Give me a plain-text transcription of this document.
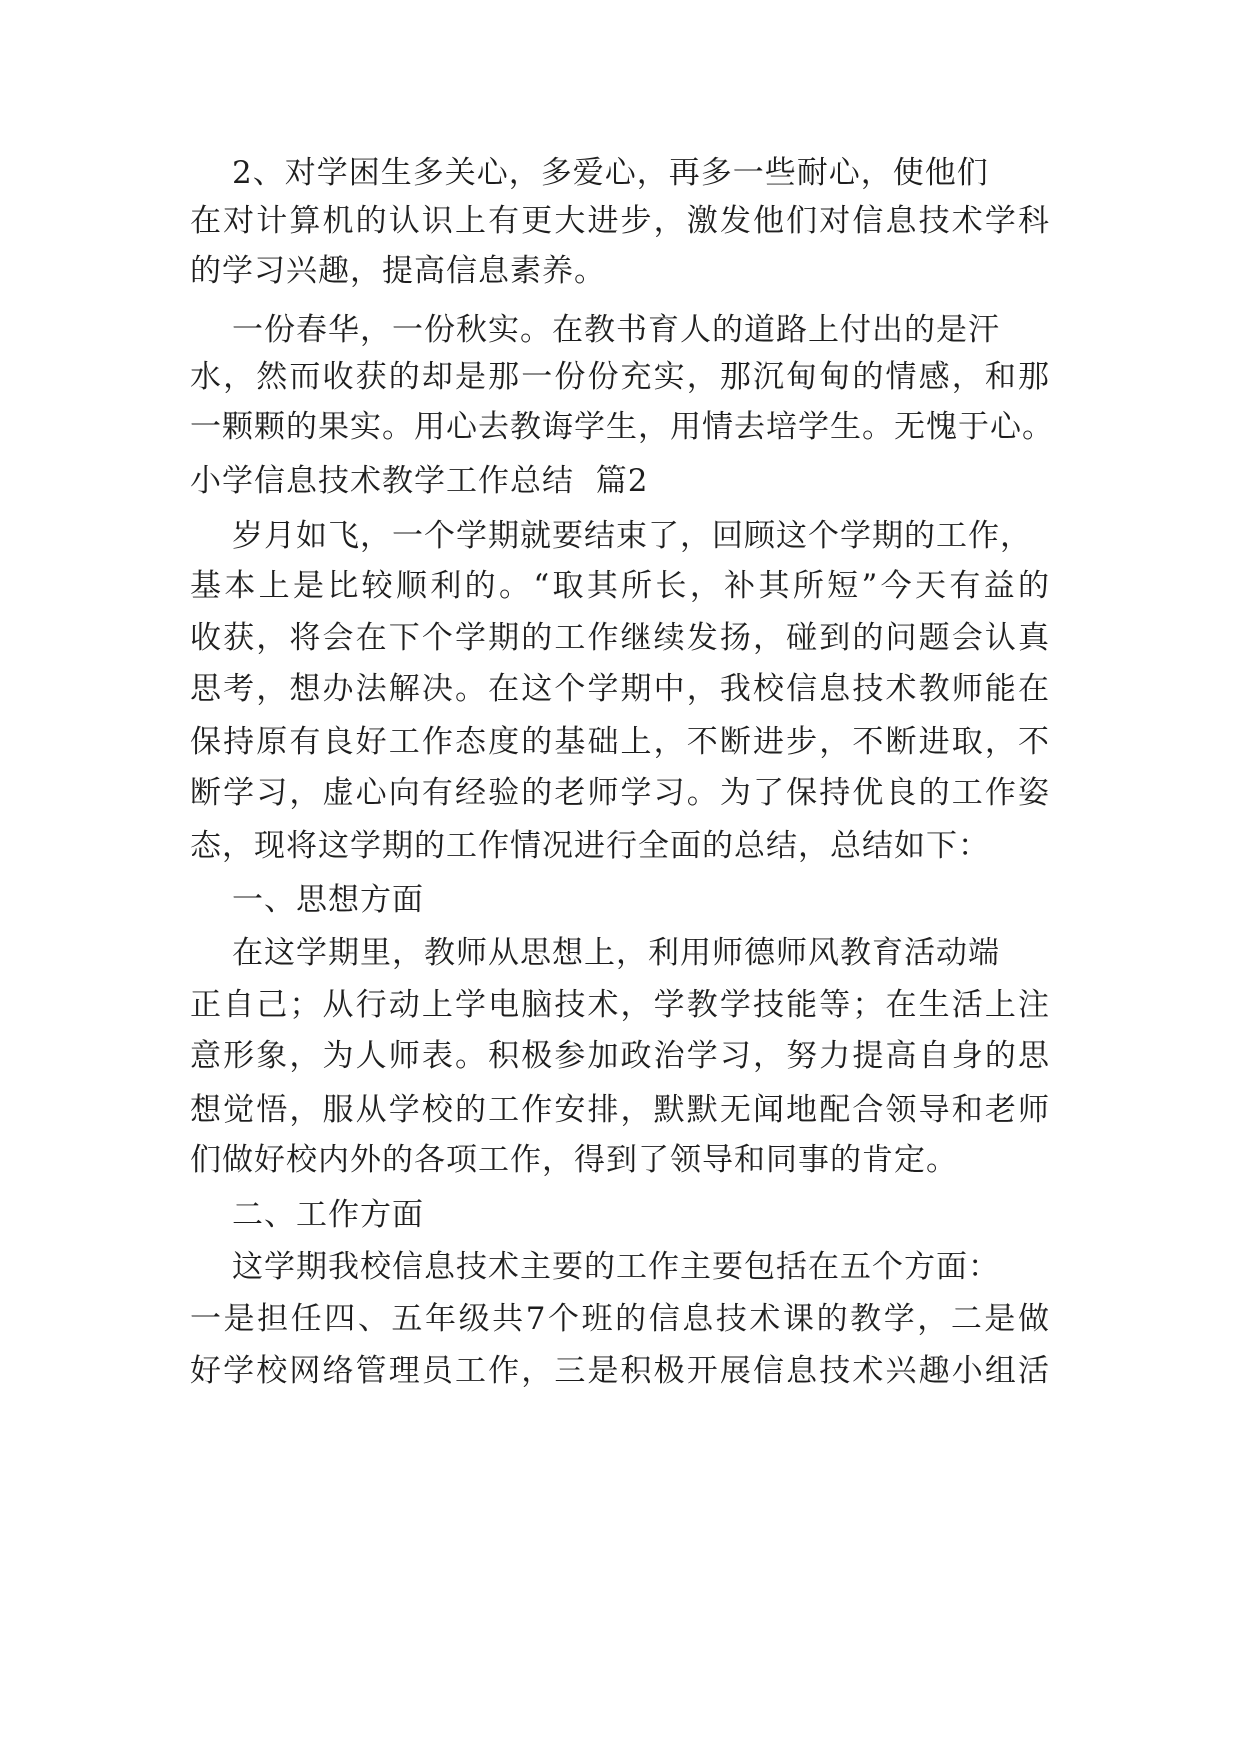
2、对学困生多关心，多爱心，再多一些耐心，使他们
在对计算机的认识上有更大进步，激发他们对信息技术学科
的学习兴趣，提高信息素养。
一份春华，一份秋实。在教书育人的道路上付出的是汗
水，然而收获的却是那一份份充实，那沉甸甸的情感，和那
一颗颗的果实。用心去教诲学生，用情去培学生。无愧于心。
小学信息技术教学工作总结  篇2
岁月如飞，一个学期就要结束了，回顾这个学期的工作，
基本上是比较顺利的。“取其所长，补其所短”今天有益的
收获，将会在下个学期的工作继续发扬，碰到的问题会认真
思考，想办法解决。在这个学期中，我校信息技术教师能在
保持原有良好工作态度的基础上，不断进步，不断进取，不
断学习，虚心向有经验的老师学习。为了保持优良的工作姿
态，现将这学期的工作情况进行全面的总结，总结如下：
一、思想方面
在这学期里，教师从思想上，利用师德师风教育活动端
正自己；从行动上学电脑技术，学教学技能等；在生活上注
意形象，为人师表。积极参加政治学习，努力提高自身的思
想觉悟，服从学校的工作安排，默默无闻地配合领导和老师
们做好校内外的各项工作，得到了领导和同事的肯定。
二、工作方面
这学期我校信息技术主要的工作主要包括在五个方面：
一是担任四、五年级共7个班的信息技术课的教学，二是做
好学校网络管理员工作，三是积极开展信息技术兴趣小组活
